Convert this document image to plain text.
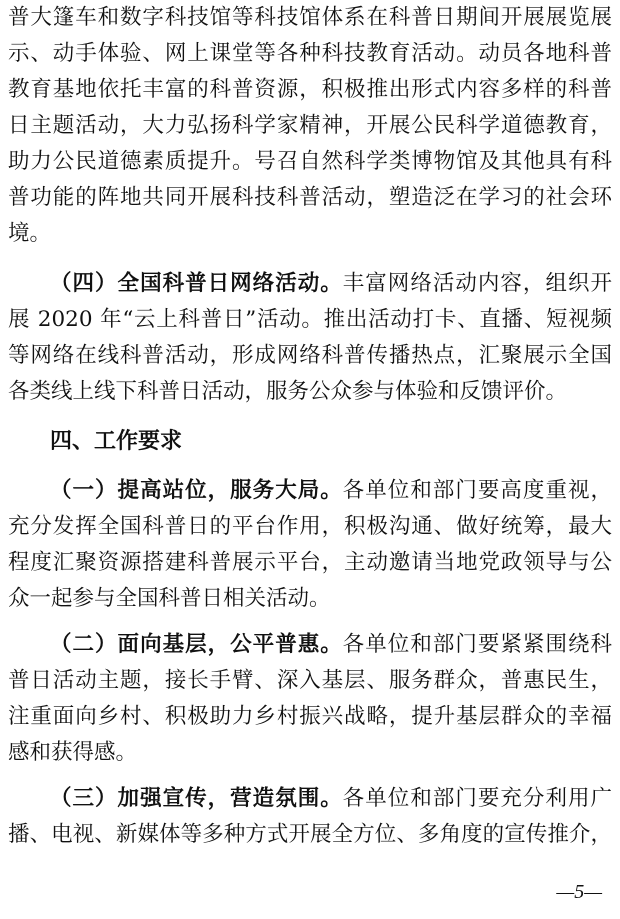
普大篷车和数字科技馆等科技馆体系在科普日期间开展展览展
示、动手体验、网上课堂等各种科技教育活动。动员各地科普
教育基地依托丰富的科普资源，积极推出形式内容多样的科普
日主题活动，大力弘扬科学家精神，开展公民科学道德教育，
助力公民道德素质提升。号召自然科学类博物馆及其他具有科
普功能的阵地共同开展科技科普活动，塑造泛在学习的社会环
境。
（四）全国科普日网络活动。丰富网络活动内容，组织开
展 2020 年“云上科普日”活动。推出活动打卡、直播、短视频
等网络在线科普活动，形成网络科普传播热点，汇聚展示全国
各类线上线下科普日活动，服务公众参与体验和反馈评价。
四、工作要求
（一）提高站位，服务大局。各单位和部门要高度重视，
充分发挥全国科普日的平台作用，积极沟通、做好统筹，最大
程度汇聚资源搭建科普展示平台，主动邀请当地党政领导与公
众一起参与全国科普日相关活动。
（二）面向基层，公平普惠。各单位和部门要紧紧围绕科
普日活动主题，接长手臂、深入基层、服务群众，普惠民生，
注重面向乡村、积极助力乡村振兴战略，提升基层群众的幸福
感和获得感。
（三）加强宣传，营造氛围。各单位和部门要充分利用广
播、电视、新媒体等多种方式开展全方位、多角度的宣传推介，
—5—
